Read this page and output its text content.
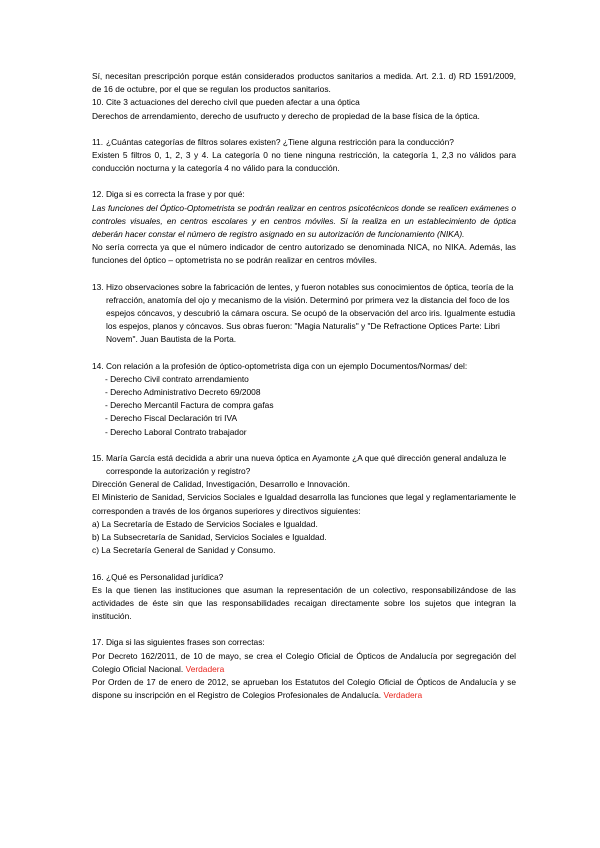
Sí, necesitan prescripción porque están considerados productos sanitarios a medida. Art. 2.1. d) RD 1591/2009, de 16 de octubre, por el que se regulan los productos sanitarios.

10. Cite 3 actuaciones del derecho civil que pueden afectar a una óptica

Derechos de arrendamiento, derecho de usufructo y derecho de propiedad de la base física de la óptica.

11. ¿Cuántas categorías de filtros solares existen? ¿Tiene alguna restricción para la conducción?

Existen 5 filtros 0, 1, 2, 3 y 4. La categoría 0 no tiene ninguna restricción, la categoría 1, 2,3 no válidos para conducción nocturna y la categoría 4 no válido para la conducción.

12. Diga si es correcta la frase y por qué:

Las funciones del Óptico-Optometrista se podrán realizar en centros psicotécnicos donde se realicen exámenes o controles visuales, en centros escolares y en centros móviles. Si la realiza en un establecimiento de óptica deberán hacer constar el número de registro asignado en su autorización de funcionamiento (NIKA).

No sería correcta ya que el número indicador de centro autorizado se denominada NICA, no NIKA. Además, las funciones del óptico – optometrista no se podrán realizar en centros móviles.

13. Hizo observaciones sobre la fabricación de lentes, y fueron notables sus conocimientos de óptica, teoría de la refracción, anatomía del ojo y mecanismo de la visión. Determinó por primera vez la distancia del foco de los espejos cóncavos, y descubrió la cámara oscura. Se ocupó de la observación del arco iris. Igualmente estudia los espejos, planos y cóncavos. Sus obras fueron: "Magia Naturalis" y "De Refractione Optices Parte: Libri Novem". Juan Bautista de la Porta.
14. Con relación a la profesión de óptico-optometrista diga con un ejemplo Documentos/Normas/ del:
- Derecho Civil contrato arrendamiento
- Derecho Administrativo Decreto 69/2008
- Derecho Mercantil Factura de compra gafas
- Derecho Fiscal Declaración tri IVA
- Derecho Laboral Contrato trabajador
15. María García está decidida a abrir una nueva óptica en Ayamonte ¿A que qué dirección general andaluza le corresponde la autorización y registro?

Dirección General de Calidad, Investigación, Desarrollo e Innovación.

El Ministerio de Sanidad, Servicios Sociales e Igualdad desarrolla las funciones que legal y reglamentariamente le corresponden a través de los órganos superiores y directivos siguientes:

a) La Secretaría de Estado de Servicios Sociales e Igualdad.

b) La Subsecretaría de Sanidad, Servicios Sociales e Igualdad.

c) La Secretaría General de Sanidad y Consumo.

16. ¿Qué es Personalidad jurídica?

Es la que tienen las instituciones que asuman la representación de un colectivo, responsabilizándose de las actividades de éste sin que las responsabilidades recaigan directamente sobre los sujetos que integran la institución.

17. Diga si las siguientes frases son correctas:

Por Decreto 162/2011, de 10 de mayo, se crea el Colegio Oficial de Ópticos de Andalucía por segregación del Colegio Oficial Nacional. Verdadera

Por Orden de 17 de enero de 2012, se aprueban los Estatutos del Colegio Oficial de Ópticos de Andalucía y se dispone su inscripción en el Registro de Colegios Profesionales de Andalucía. Verdadera
